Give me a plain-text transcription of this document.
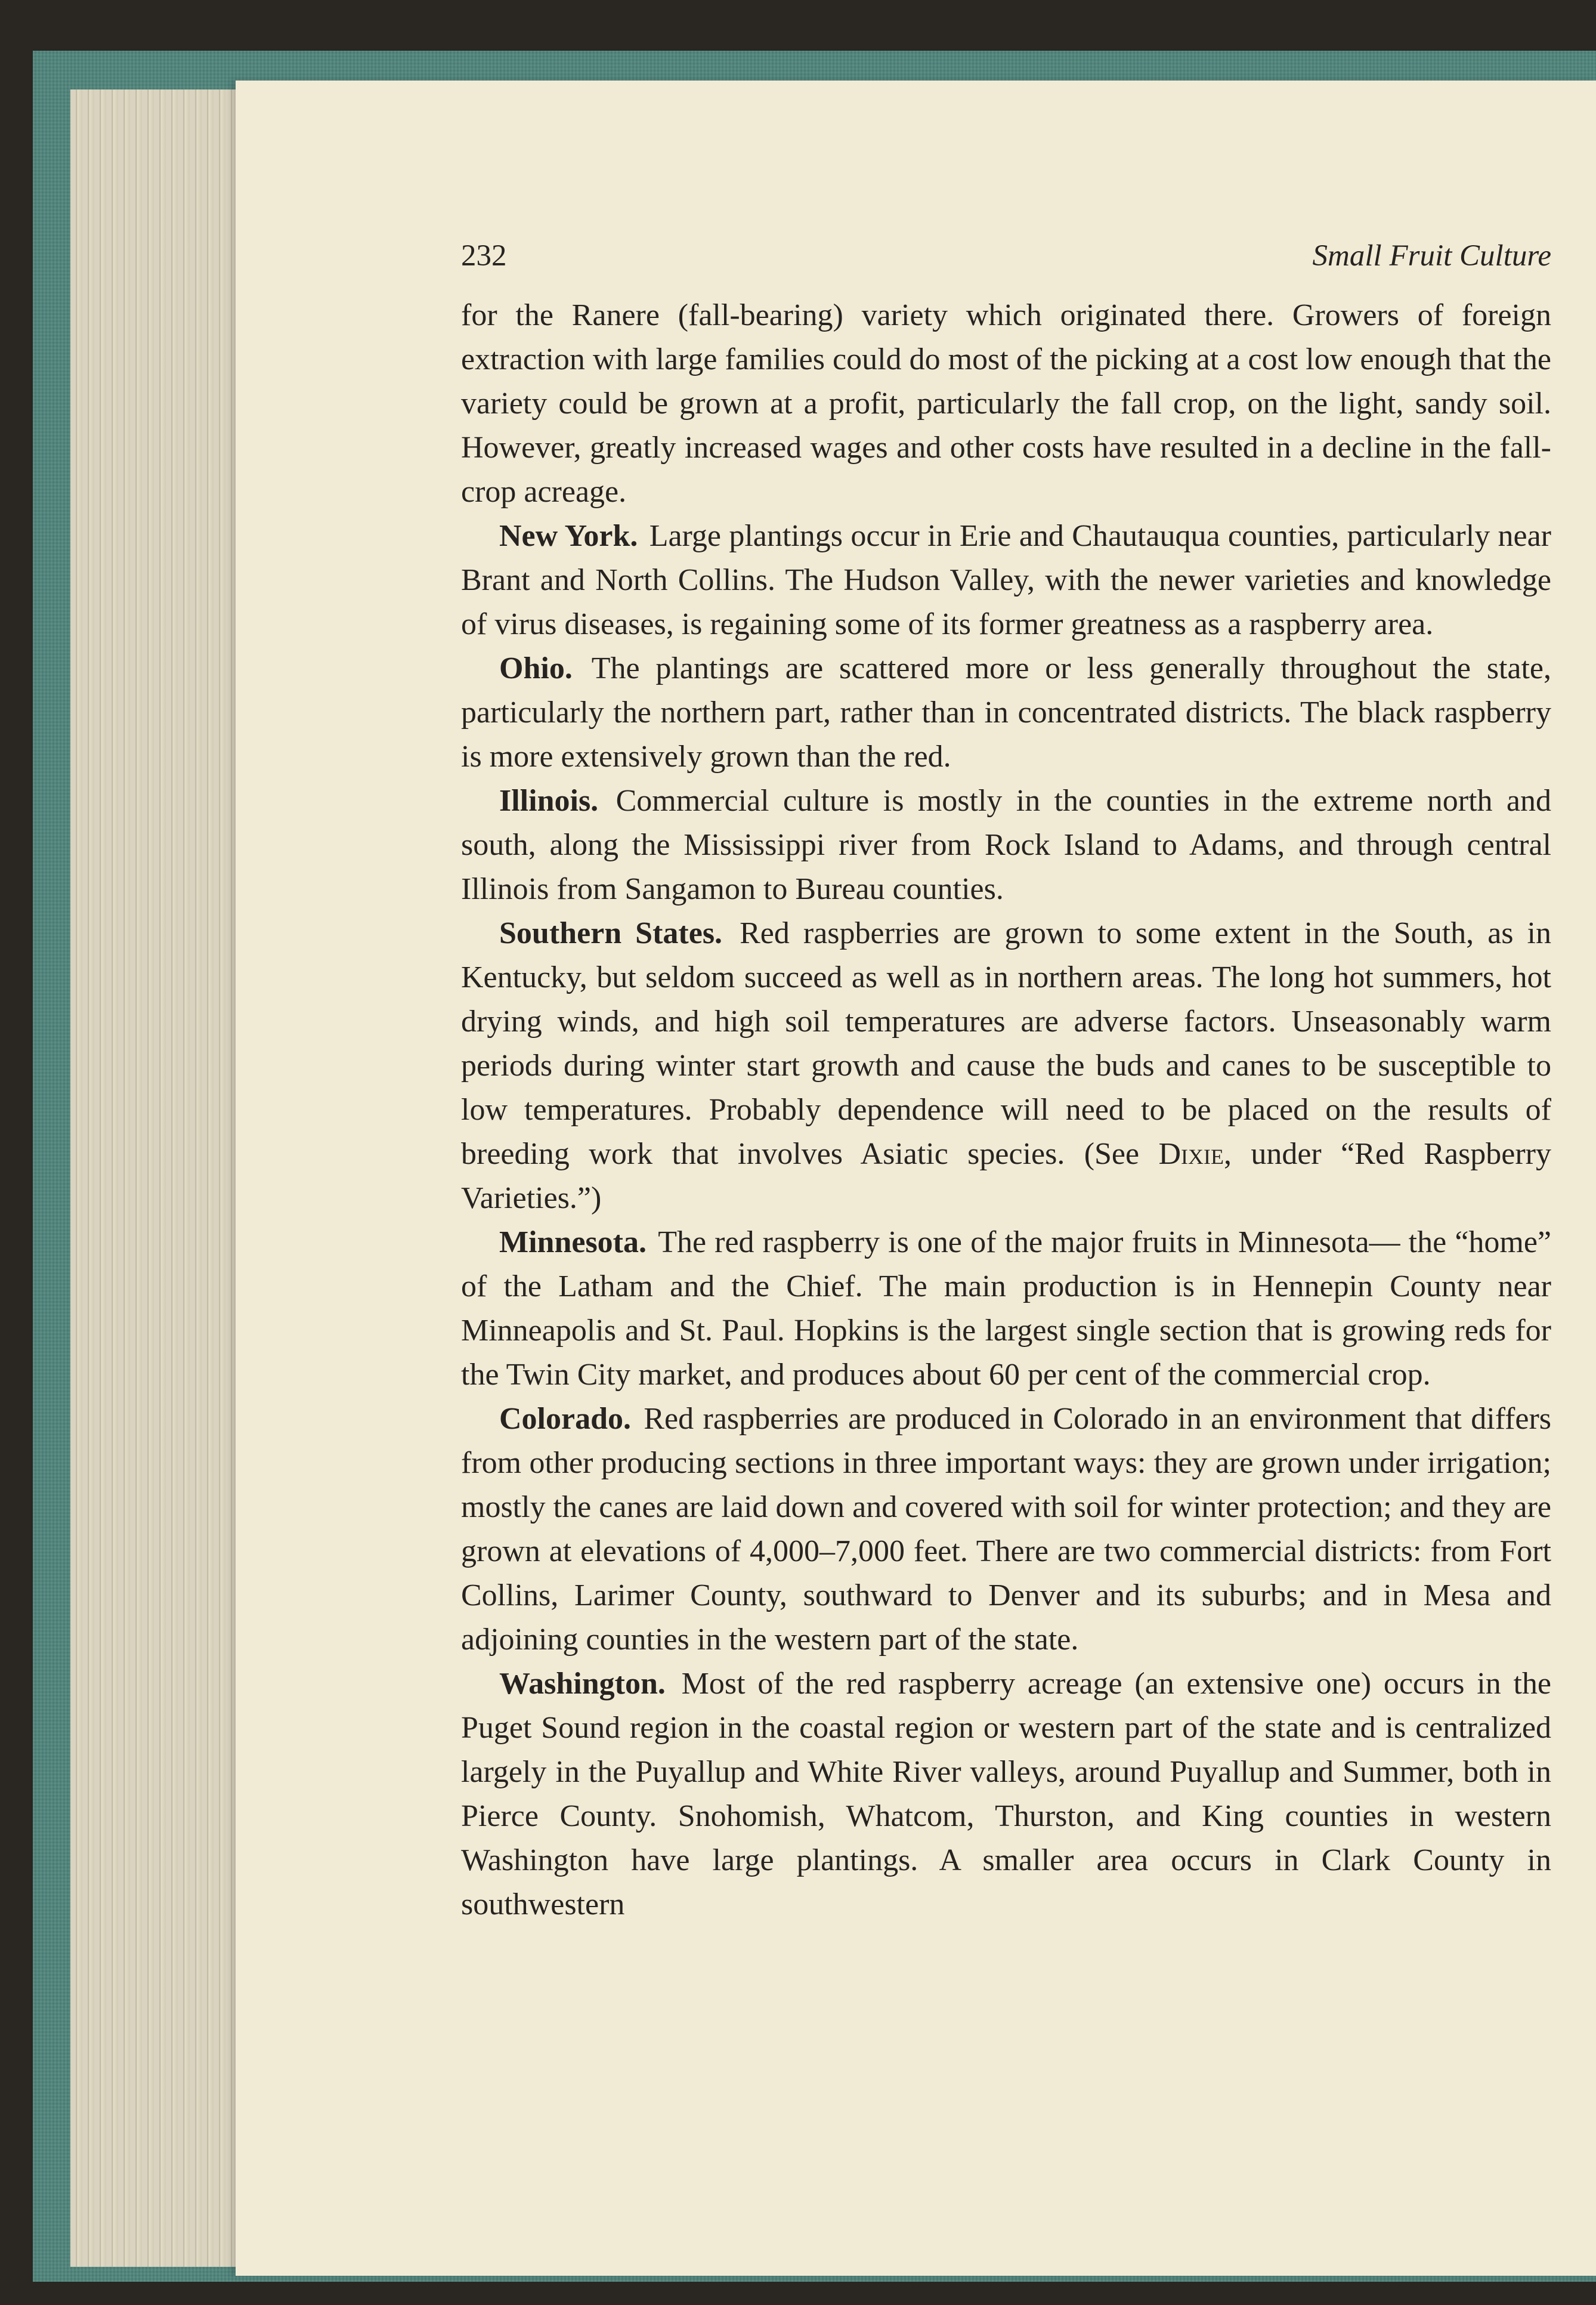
232	Small Fruit Culture

for the Ranere (fall-bearing) variety which originated there. Growers of foreign extraction with large families could do most of the picking at a cost low enough that the variety could be grown at a profit, particularly the fall crop, on the light, sandy soil. However, greatly increased wages and other costs have resulted in a decline in the fall-crop acreage.

New York. Large plantings occur in Erie and Chautauqua counties, particularly near Brant and North Collins. The Hudson Valley, with the newer varieties and knowledge of virus diseases, is regaining some of its former greatness as a raspberry area.

Ohio. The plantings are scattered more or less generally throughout the state, particularly the northern part, rather than in concentrated districts. The black raspberry is more extensively grown than the red.

Illinois. Commercial culture is mostly in the counties in the extreme north and south, along the Mississippi river from Rock Island to Adams, and through central Illinois from Sangamon to Bureau counties.

Southern States. Red raspberries are grown to some extent in the South, as in Kentucky, but seldom succeed as well as in northern areas. The long hot summers, hot drying winds, and high soil temperatures are adverse factors. Unseasonably warm periods during winter start growth and cause the buds and canes to be susceptible to low temperatures. Probably dependence will need to be placed on the results of breeding work that involves Asiatic species. (See Dixie, under “Red Raspberry Varieties.”)

Minnesota. The red raspberry is one of the major fruits in Minnesota— the “home” of the Latham and the Chief. The main production is in Hennepin County near Minneapolis and St. Paul. Hopkins is the largest single section that is growing reds for the Twin City market, and produces about 60 per cent of the commercial crop.

Colorado. Red raspberries are produced in Colorado in an environment that differs from other producing sections in three important ways: they are grown under irrigation; mostly the canes are laid down and covered with soil for winter protection; and they are grown at elevations of 4,000–7,000 feet. There are two commercial districts: from Fort Collins, Larimer County, southward to Denver and its suburbs; and in Mesa and adjoining counties in the western part of the state.

Washington. Most of the red raspberry acreage (an extensive one) occurs in the Puget Sound region in the coastal region or western part of the state and is centralized largely in the Puyallup and White River valleys, around Puyallup and Summer, both in Pierce County. Snohomish, Whatcom, Thurston, and King counties in western Washington have large plantings. A smaller area occurs in Clark County in southwestern
